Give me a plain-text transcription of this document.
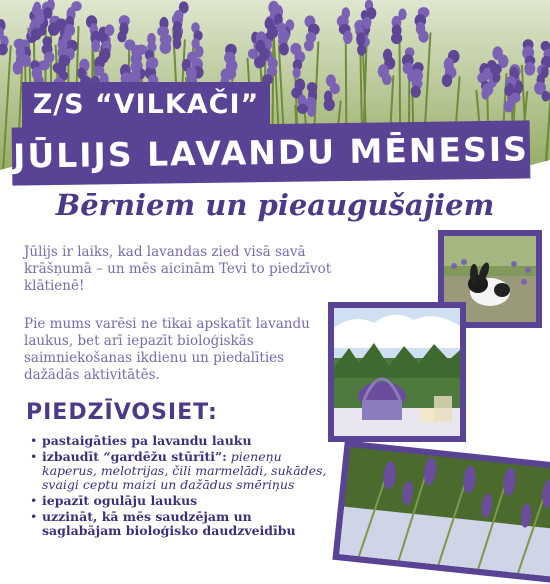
Z/S “VILKAČI”
JŪLIJS LAVANDU MĒNESIS
Bērniem un pieaugušajiem

Jūlijs ir laiks, kad lavandas zied visā savā krāšņumā – un mēs aicinām Tevi to piedzīvot klātienē!

Pie mums varēsi ne tikai apskatīt lavandu laukus, bet arī iepazīt bioloģiskās saimniekošanas ikdienu un piedalīties dažādās aktivitātēs.

PIEDZĪVOSIET:
• pastaigāties pa lavandu lauku
• izbaudīt “gardēžu stūrīti”: pieneņu kaperus, melotrijas, čili marmelādi, sukādes, svaigi ceptu maizi un dažādus smēriņus
• iepazīt ogulāju laukus
• uzzināt, kā mēs saudzējam un saglabājam bioloģisko daudzveidību
